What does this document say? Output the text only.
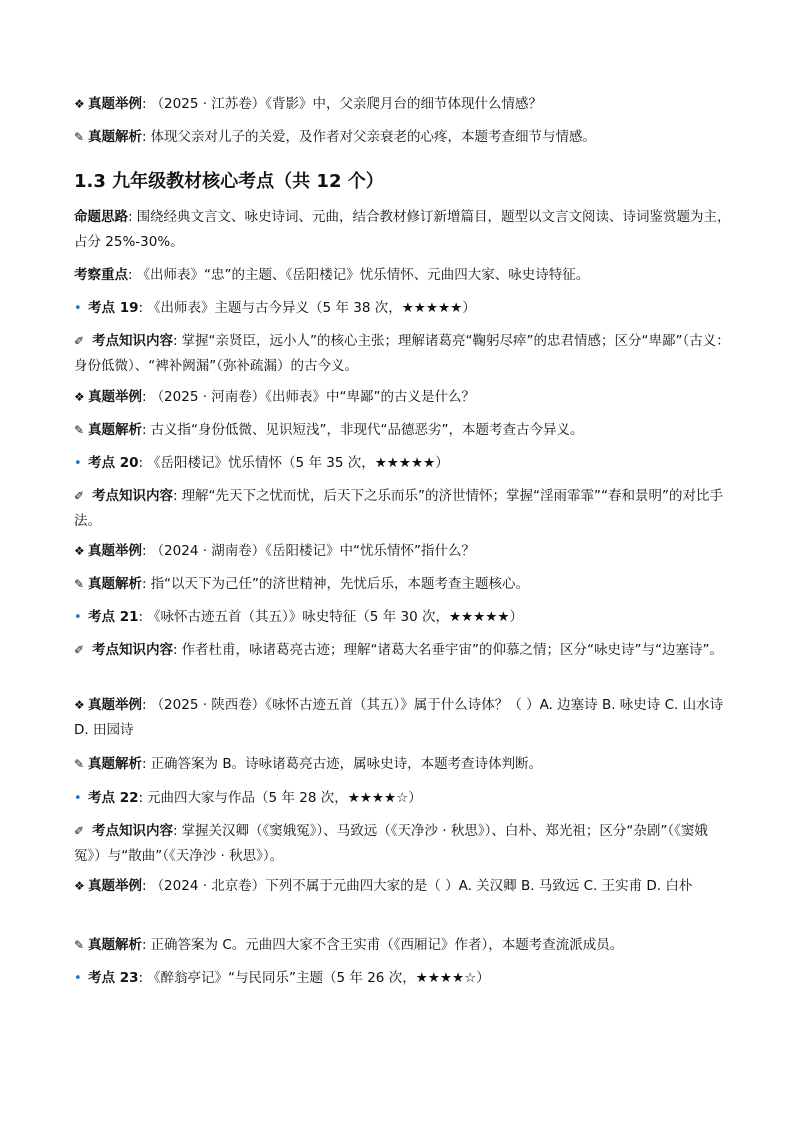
❖ 真题举例: （2025 · 江苏卷）《背影》中，父亲爬月台的细节体现什么情感？
✎ 真题解析: 体现父亲对儿子的关爱，及作者对父亲衰老的心疼，本题考查细节与情感。
1.3 九年级教材核心考点（共 12 个）
命题思路: 围绕经典文言文、咏史诗词、元曲，结合教材修订新增篇目，题型以文言文阅读、诗词鉴赏题为主，占分 25%-30%。
考察重点: 《出师表》“忠”的主题、《岳阳楼记》忧乐情怀、元曲四大家、咏史诗特征。
• 考点 19: 《出师表》主题与古今异义（5 年 38 次，★★★★★）
✐ 考点知识内容: 掌握“亲贤臣，远小人”的核心主张；理解诸葛亮“鞠躬尽瘁”的忠君情感；区分“卑鄙”（古义：身份低微）、“裨补阙漏”（弥补疏漏）的古今义。
❖ 真题举例: （2025 · 河南卷）《出师表》中“卑鄙”的古义是什么？
✎ 真题解析: 古义指“身份低微、见识短浅”，非现代“品德恶劣”，本题考查古今异义。
• 考点 20: 《岳阳楼记》忧乐情怀（5 年 35 次，★★★★★）
✐ 考点知识内容: 理解“先天下之忧而忧，后天下之乐而乐”的济世情怀；掌握“淫雨霏霏”“春和景明”的对比手法。
❖ 真题举例: （2024 · 湖南卷）《岳阳楼记》中“忧乐情怀”指什么？
✎ 真题解析: 指“以天下为己任”的济世精神，先忧后乐，本题考查主题核心。
• 考点 21: 《咏怀古迹五首（其五）》咏史特征（5 年 30 次，★★★★★）
✐ 考点知识内容: 作者杜甫，咏诸葛亮古迹；理解“诸葛大名垂宇宙”的仰慕之情；区分“咏史诗”与“边塞诗”。
❖ 真题举例: （2025 · 陕西卷）《咏怀古迹五首（其五）》属于什么诗体？（ ）A. 边塞诗 B. 咏史诗 C. 山水诗 D. 田园诗
✎ 真题解析: 正确答案为 B。诗咏诸葛亮古迹，属咏史诗，本题考查诗体判断。
• 考点 22: 元曲四大家与作品（5 年 28 次，★★★★☆）
✐ 考点知识内容: 掌握关汉卿（《窦娥冤》）、马致远（《天净沙 · 秋思》）、白朴、郑光祖；区分“杂剧”（《窦娥冤》）与“散曲”（《天净沙 · 秋思》）。
❖ 真题举例: （2024 · 北京卷）下列不属于元曲四大家的是（ ）A. 关汉卿 B. 马致远 C. 王实甫 D. 白朴
✎ 真题解析: 正确答案为 C。元曲四大家不含王实甫（《西厢记》作者），本题考查流派成员。
• 考点 23: 《醉翁亭记》“与民同乐”主题（5 年 26 次，★★★★☆）
